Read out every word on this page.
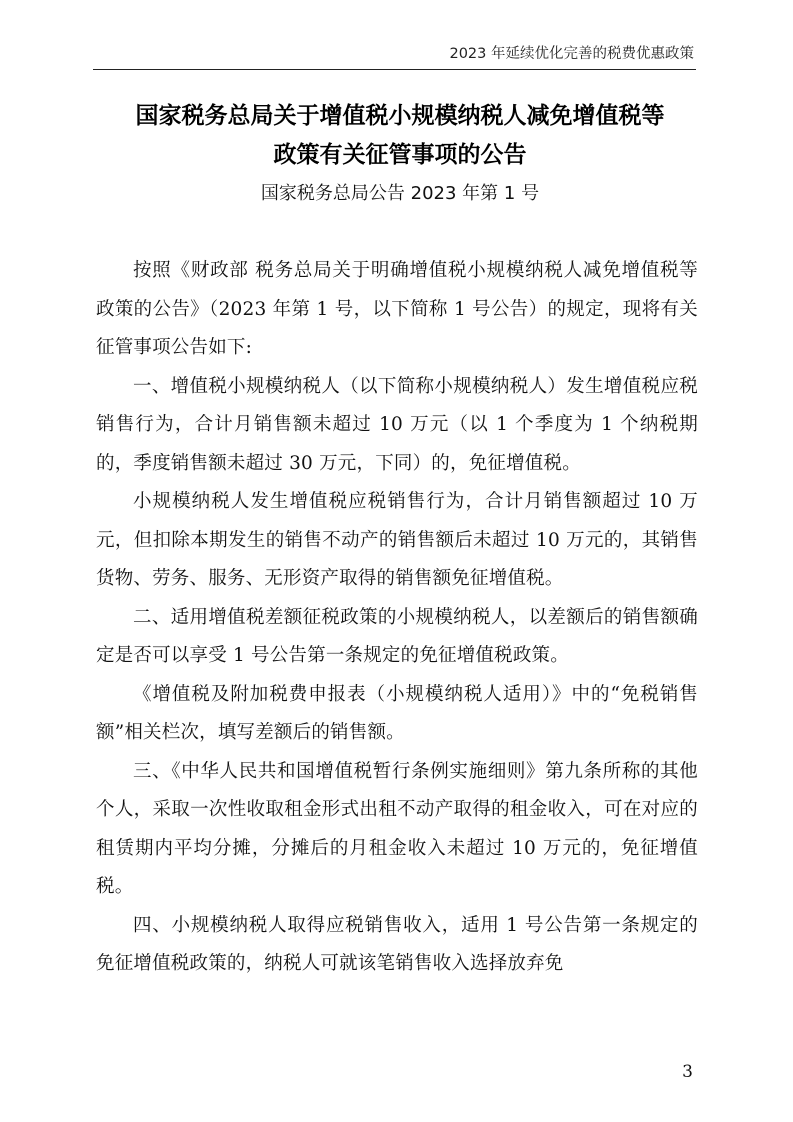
2023 年延续优化完善的税费优惠政策
国家税务总局关于增值税小规模纳税人减免增值税等
政策有关征管事项的公告
国家税务总局公告 2023 年第 1 号

按照《财政部 税务总局关于明确增值税小规模纳税人减免增值税等政策的公告》（2023 年第 1 号，以下简称 1 号公告）的规定，现将有关征管事项公告如下:

一、增值税小规模纳税人（以下简称小规模纳税人）发生增值税应税销售行为，合计月销售额未超过 10 万元（以 1 个季度为 1 个纳税期的，季度销售额未超过 30 万元，下同）的，免征增值税。

小规模纳税人发生增值税应税销售行为，合计月销售额超过 10 万元，但扣除本期发生的销售不动产的销售额后未超过 10 万元的，其销售货物、劳务、服务、无形资产取得的销售额免征增值税。

二、适用增值税差额征税政策的小规模纳税人，以差额后的销售额确定是否可以享受 1 号公告第一条规定的免征增值税政策。

《增值税及附加税费申报表（小规模纳税人适用）》中的“免税销售额”相关栏次，填写差额后的销售额。

三、《中华人民共和国增值税暂行条例实施细则》第九条所称的其他个人，采取一次性收取租金形式出租不动产取得的租金收入，可在对应的租赁期内平均分摊，分摊后的月租金收入未超过 10 万元的，免征增值税。

四、小规模纳税人取得应税销售收入，适用 1 号公告第一条规定的免征增值税政策的，纳税人可就该笔销售收入选择放弃免

3
